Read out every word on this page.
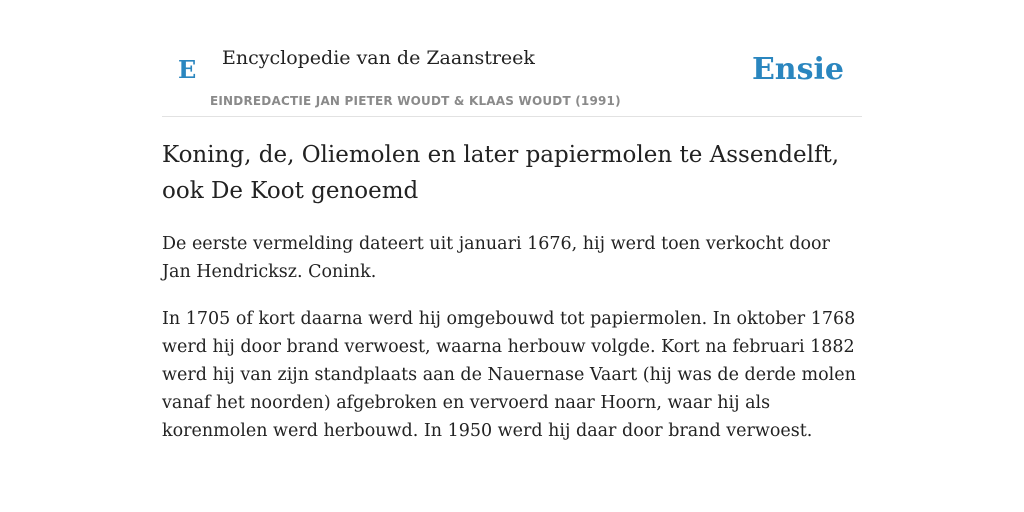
E Encyclopedie van de Zaanstreek
EINDREDACTIE JAN PIETER WOUDT & KLAAS WOUDT (1991)
Ensie
Koning, de, Oliemolen en later papiermolen te Assendelft, ook De Koot genoemd

De eerste vermelding dateert uit januari 1676, hij werd toen verkocht door Jan Hendricksz. Conink.

In 1705 of kort daarna werd hij omgebouwd tot papiermolen. In oktober 1768 werd hij door brand verwoest, waarna herbouw volgde. Kort na februari 1882 werd hij van zijn standplaats aan de Nauernase Vaart (hij was de derde molen vanaf het noorden) afgebroken en vervoerd naar Hoorn, waar hij als korenmolen werd herbouwd. In 1950 werd hij daar door brand verwoest.
